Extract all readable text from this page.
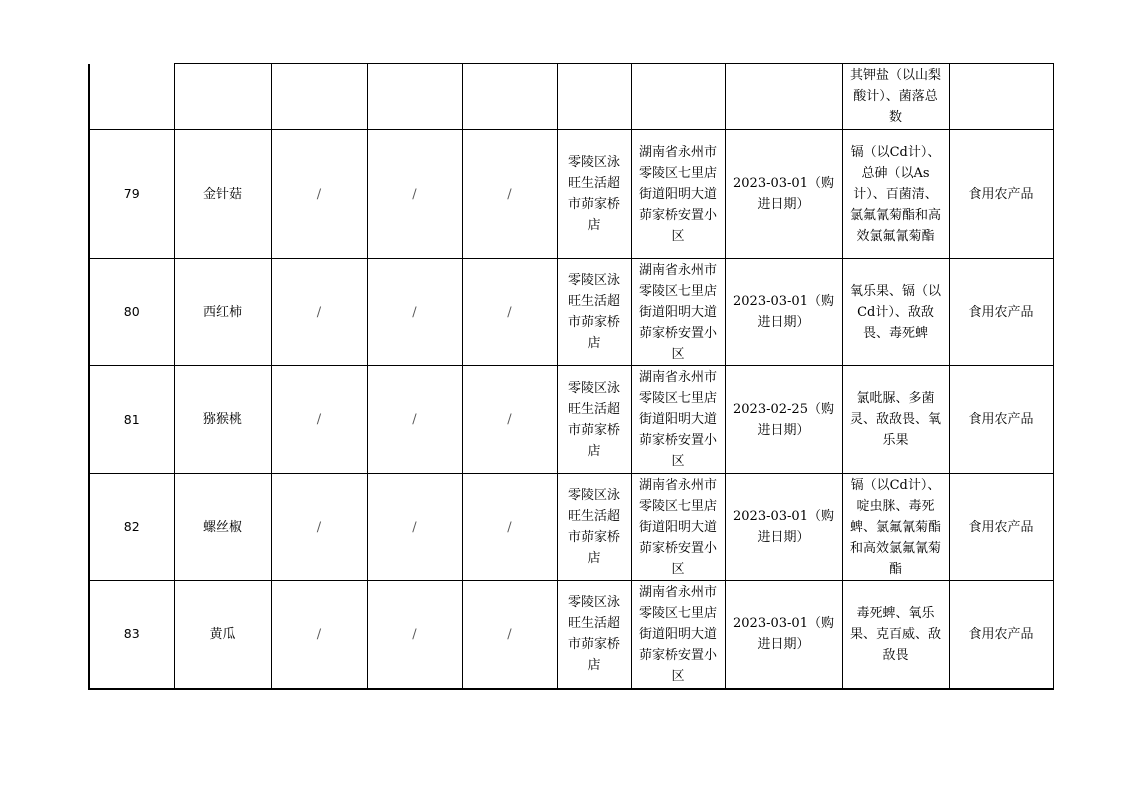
								其钾盐（以山梨酸计）、菌落总数	
79	金针菇	/	/	/	零陵区泳旺生活超市茆家桥店	湖南省永州市零陵区七里店街道阳明大道茆家桥安置小区	2023-03-01（购进日期）	镉（以Cd计）、总砷（以As计）、百菌清、氯氟氰菊酯和高效氯氟氰菊酯	食用农产品
80	西红柿	/	/	/	零陵区泳旺生活超市茆家桥店	湖南省永州市零陵区七里店街道阳明大道茆家桥安置小区	2023-03-01（购进日期）	氧乐果、镉（以Cd计）、敌敌畏、毒死蜱	食用农产品
81	猕猴桃	/	/	/	零陵区泳旺生活超市茆家桥店	湖南省永州市零陵区七里店街道阳明大道茆家桥安置小区	2023-02-25（购进日期）	氯吡脲、多菌灵、敌敌畏、氧乐果	食用农产品
82	螺丝椒	/	/	/	零陵区泳旺生活超市茆家桥店	湖南省永州市零陵区七里店街道阳明大道茆家桥安置小区	2023-03-01（购进日期）	镉（以Cd计）、啶虫脒、毒死蜱、氯氟氰菊酯和高效氯氟氰菊酯	食用农产品
83	黄瓜	/	/	/	零陵区泳旺生活超市茆家桥店	湖南省永州市零陵区七里店街道阳明大道茆家桥安置小区	2023-03-01（购进日期）	毒死蜱、氧乐果、克百威、敌敌畏	食用农产品
